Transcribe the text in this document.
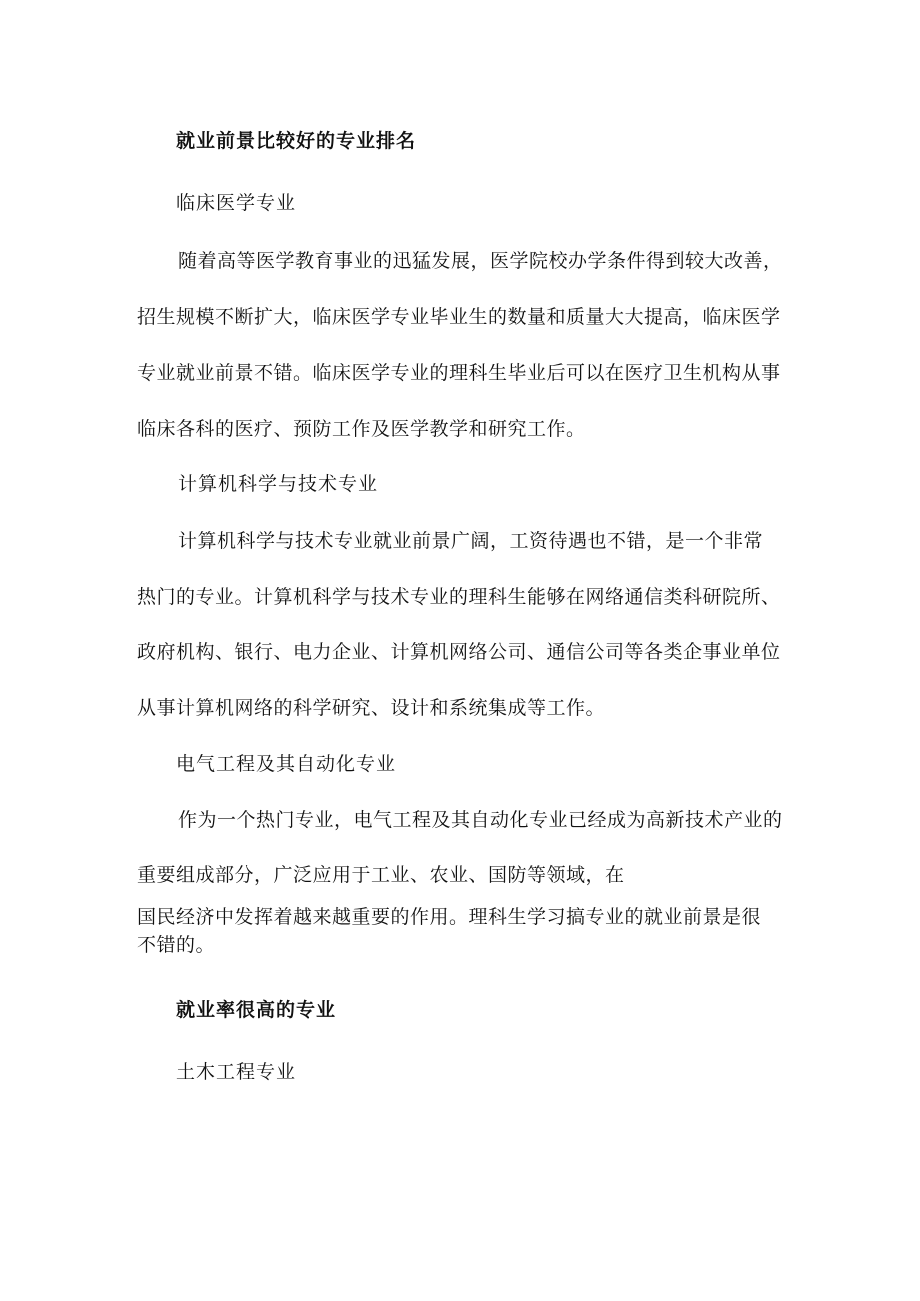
就业前景比较好的专业排名
临床医学专业
随着高等医学教育事业的迅猛发展，医学院校办学条件得到较大改善，
招生规模不断扩大，临床医学专业毕业生的数量和质量大大提高，临床医学
专业就业前景不错。临床医学专业的理科生毕业后可以在医疗卫生机构从事
临床各科的医疗、预防工作及医学教学和研究工作。
计算机科学与技术专业
计算机科学与技术专业就业前景广阔，工资待遇也不错，是一个非常
热门的专业。计算机科学与技术专业的理科生能够在网络通信类科研院所、
政府机构、银行、电力企业、计算机网络公司、通信公司等各类企事业单位
从事计算机网络的科学研究、设计和系统集成等工作。
电气工程及其自动化专业
作为一个热门专业，电气工程及其自动化专业已经成为高新技术产业的
重要组成部分，广泛应用于工业、农业、国防等领域，在
国民经济中发挥着越来越重要的作用。理科生学习搞专业的就业前景是很
不错的。
就业率很高的专业
土木工程专业
